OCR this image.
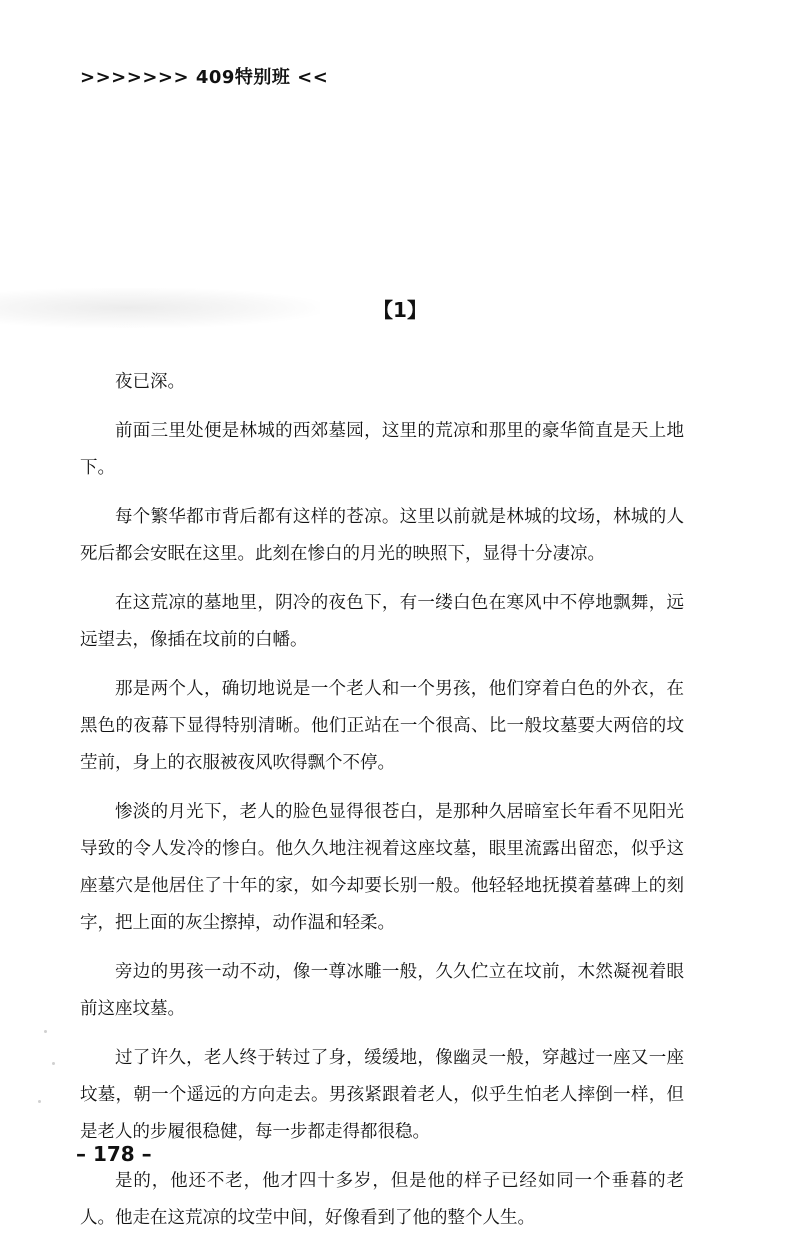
>>>>>>> 409特别班 <<
【1】

夜已深。

前面三里处便是林城的西郊墓园，这里的荒凉和那里的豪华简直是天上地下。

每个繁华都市背后都有这样的苍凉。这里以前就是林城的坟场，林城的人死后都会安眠在这里。此刻在惨白的月光的映照下，显得十分凄凉。

在这荒凉的墓地里，阴冷的夜色下，有一缕白色在寒风中不停地飘舞，远远望去，像插在坟前的白幡。

那是两个人，确切地说是一个老人和一个男孩，他们穿着白色的外衣，在黑色的夜幕下显得特别清晰。他们正站在一个很高、比一般坟墓要大两倍的坟茔前，身上的衣服被夜风吹得飘个不停。

惨淡的月光下，老人的脸色显得很苍白，是那种久居暗室长年看不见阳光导致的令人发冷的惨白。他久久地注视着这座坟墓，眼里流露出留恋，似乎这座墓穴是他居住了十年的家，如今却要长别一般。他轻轻地抚摸着墓碑上的刻字，把上面的灰尘擦掉，动作温和轻柔。

旁边的男孩一动不动，像一尊冰雕一般，久久伫立在坟前，木然凝视着眼前这座坟墓。

过了许久，老人终于转过了身，缓缓地，像幽灵一般，穿越过一座又一座坟墓，朝一个遥远的方向走去。男孩紧跟着老人，似乎生怕老人摔倒一样，但是老人的步履很稳健，每一步都走得都很稳。

是的，他还不老，他才四十多岁，但是他的样子已经如同一个垂暮的老人。他走在这荒凉的坟茔中间，好像看到了他的整个人生。

– 178 –
